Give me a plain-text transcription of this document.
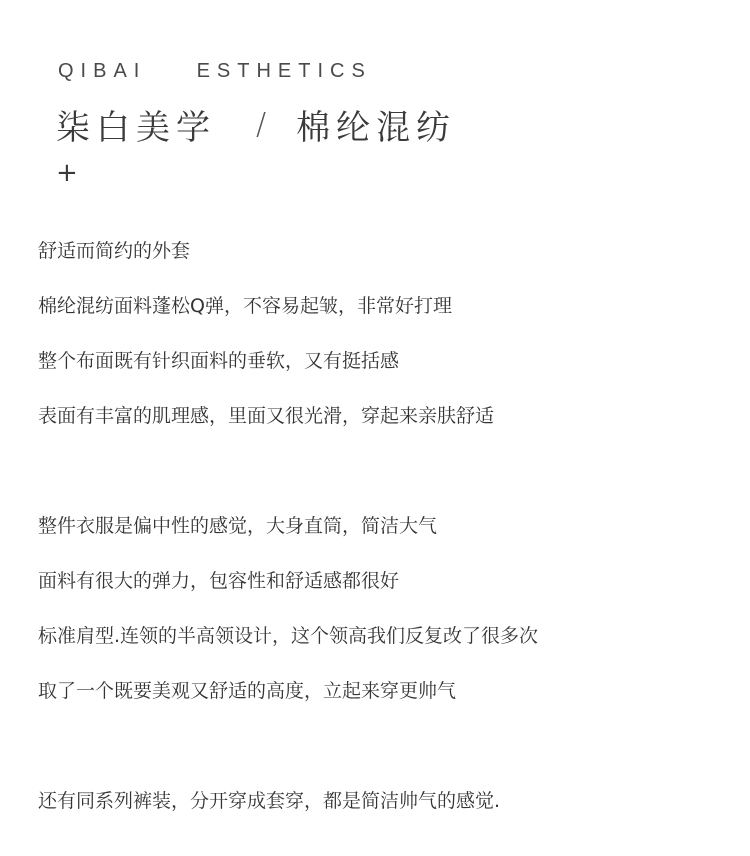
QIBAI    ESTHETICS
柒白美学 / 棉纶混纺
+
舒适而简约的外套
棉纶混纺面料蓬松Q弹，不容易起皱，非常好打理
整个布面既有针织面料的垂软，又有挺括感
表面有丰富的肌理感，里面又很光滑，穿起来亲肤舒适
整件衣服是偏中性的感觉，大身直筒，简洁大气
面料有很大的弹力，包容性和舒适感都很好
标准肩型.连领的半高领设计，这个领高我们反复改了很多次
取了一个既要美观又舒适的高度，立起来穿更帅气
还有同系列裤装，分开穿成套穿，都是简洁帅气的感觉.
